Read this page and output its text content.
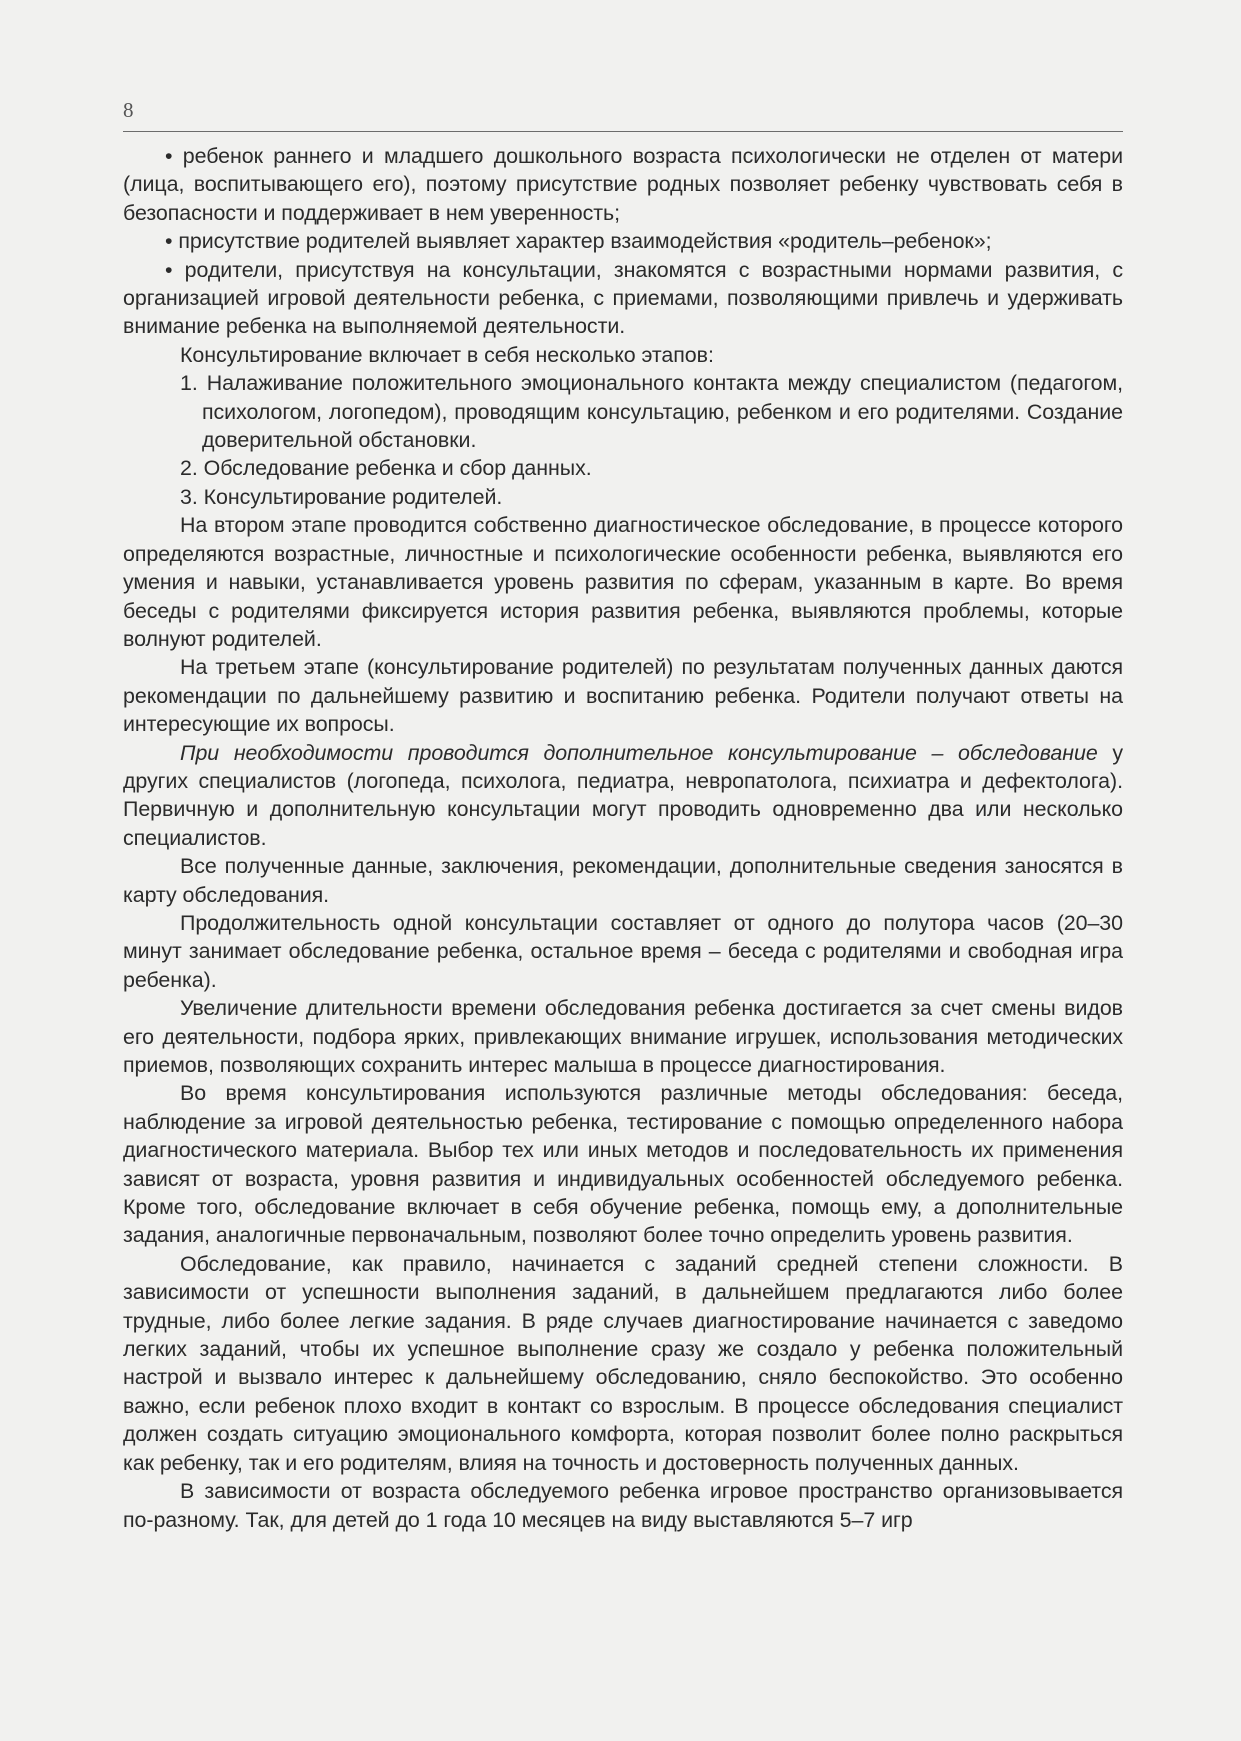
8

• ребенок раннего и младшего дошкольного возраста психологически не отделен от матери (лица, воспитывающего его), поэтому присутствие родных позволяет ребенку чувствовать себя в безопасности и поддерживает в нем уверенность;

• присутствие родителей выявляет характер взаимодействия «родитель–ребенок»;

• родители, присутствуя на консультации, знакомятся с возрастными нормами развития, с организацией игровой деятельности ребенка, с приемами, позволяющими привлечь и удерживать внимание ребенка на выполняемой деятельности.

Консультирование включает в себя несколько этапов:

1. Налаживание положительного эмоционального контакта между специалистом (педагогом, психологом, логопедом), проводящим консультацию, ребенком и его родителями. Создание доверительной обстановки.
2. Обследование ребенка и сбор данных.
3. Консультирование родителей.

На втором этапе проводится собственно диагностическое обследование, в процессе которого определяются возрастные, личностные и психологические особенности ребенка, выявляются его умения и навыки, устанавливается уровень развития по сферам, указанным в карте. Во время беседы с родителями фиксируется история развития ребенка, выявляются проблемы, которые волнуют родителей.

На третьем этапе (консультирование родителей) по результатам полученных данных даются рекомендации по дальнейшему развитию и воспитанию ребенка. Родители получают ответы на интересующие их вопросы.

При необходимости проводится дополнительное консультирование – обследование у других специалистов (логопеда, психолога, педиатра, невропатолога, психиатра и дефектолога). Первичную и дополнительную консультации могут проводить одновременно два или несколько специалистов.

Все полученные данные, заключения, рекомендации, дополнительные сведения заносятся в карту обследования.

Продолжительность одной консультации составляет от одного до полутора часов (20–30 минут занимает обследование ребенка, остальное время – беседа с родителями и свободная игра ребенка).

Увеличение длительности времени обследования ребенка достигается за счет смены видов его деятельности, подбора ярких, привлекающих внимание игрушек, использования методических приемов, позволяющих сохранить интерес малыша в процессе диагностирования.

Во время консультирования используются различные методы обследования: беседа, наблюдение за игровой деятельностью ребенка, тестирование с помощью определенного набора диагностического материала. Выбор тех или иных методов и последовательность их применения зависят от возраста, уровня развития и индивидуальных особенностей обследуемого ребенка. Кроме того, обследование включает в себя обучение ребенка, помощь ему, а дополнительные задания, аналогичные первоначальным, позволяют более точно определить уровень развития.

Обследование, как правило, начинается с заданий средней степени сложности. В зависимости от успешности выполнения заданий, в дальнейшем предлагаются либо более трудные, либо более легкие задания. В ряде случаев диагностирование начинается с заведомо легких заданий, чтобы их успешное выполнение сразу же создало у ребенка положительный настрой и вызвало интерес к дальнейшему обследованию, сняло беспокойство. Это особенно важно, если ребенок плохо входит в контакт со взрослым. В процессе обследования специалист должен создать ситуацию эмоционального комфорта, которая позволит более полно раскрыться как ребенку, так и его родителям, влияя на точность и достоверность полученных данных.

В зависимости от возраста обследуемого ребенка игровое пространство организовывается по-разному. Так, для детей до 1 года 10 месяцев на виду выставляются 5–7 игр
